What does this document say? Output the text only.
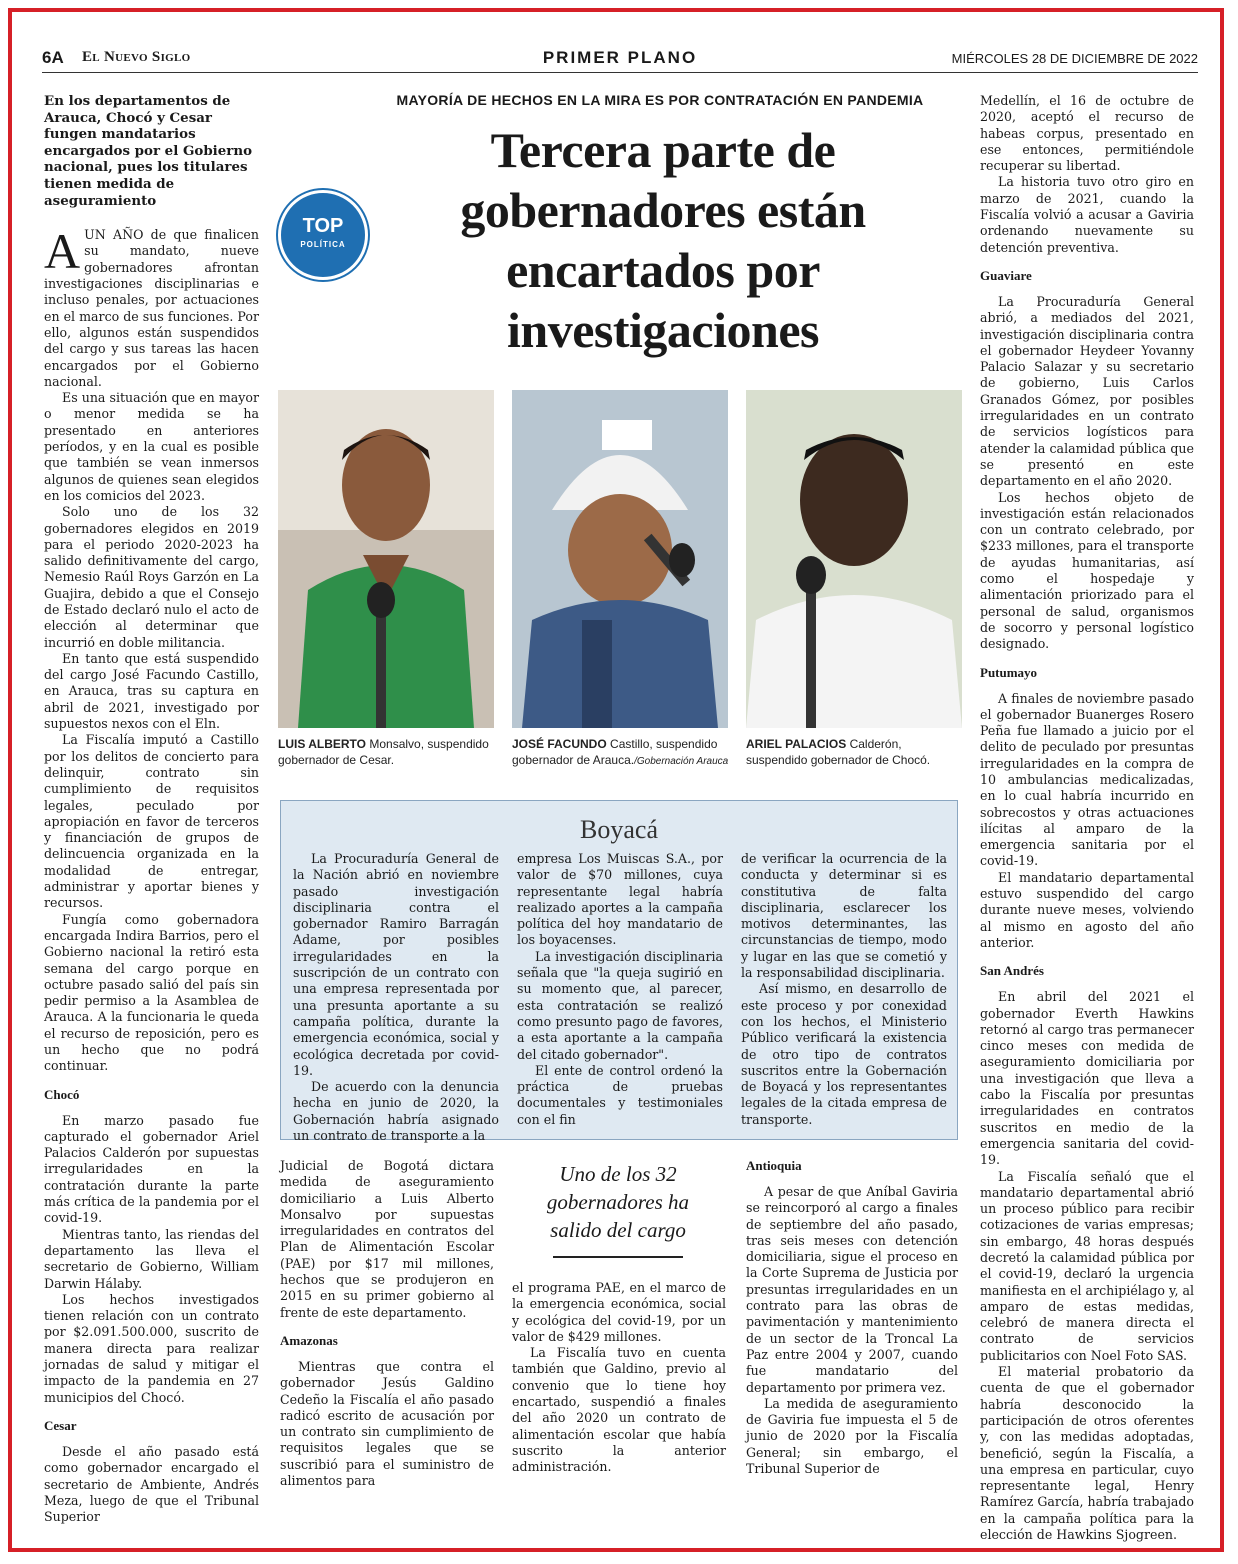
6A El Nuevo Siglo	PRIMER PLANO	MIÉRCOLES 28 DE DICIEMBRE DE 2022
En los departamentos de Arauca, Chocó y Cesar fungen mandatarios encargados por el Gobierno nacional, pues los titulares tienen medida de aseguramiento

AUN AÑO de que finalicen su mandato, nueve gobernadores afrontan investigaciones disciplinarias e incluso penales, por actuaciones en el marco de sus funciones. Por ello, algunos están suspendidos del cargo y sus tareas las hacen encargados por el Gobierno nacional.

Es una situación que en mayor o menor medida se ha presentado en anteriores períodos, y en la cual es posible que también se vean inmersos algunos de quienes sean elegidos en los comicios del 2023.

Solo uno de los 32 gobernadores elegidos en 2019 para el periodo 2020-2023 ha salido definitivamente del cargo, Nemesio Raúl Roys Garzón en La Guajira, debido a que el Consejo de Estado declaró nulo el acto de elección al determinar que incurrió en doble militancia.

En tanto que está suspendido del cargo José Facundo Castillo, en Arauca, tras su captura en abril de 2021, investigado por supuestos nexos con el Eln.

La Fiscalía imputó a Castillo por los delitos de concierto para delinquir, contrato sin cumplimiento de requisitos legales, peculado por apropiación en favor de terceros y financiación de grupos de delincuencia organizada en la modalidad de entregar, administrar y aportar bienes y recursos.

Fungía como gobernadora encargada Indira Barrios, pero el Gobierno nacional la retiró esta semana del cargo porque en octubre pasado salió del país sin pedir permiso a la Asamblea de Arauca. A la funcionaria le queda el recurso de reposición, pero es un hecho que no podrá continuar.

Chocó

En marzo pasado fue capturado el gobernador Ariel Palacios Calderón por supuestas irregularidades en la contratación durante la parte más crítica de la pandemia por el covid-19.

Mientras tanto, las riendas del departamento las lleva el secretario de Gobierno, William Darwin Hálaby.

Los hechos investigados tienen relación con un contrato por $2.091.500.000, suscrito de manera directa para realizar jornadas de salud y mitigar el impacto de la pandemia en 27 municipios del Chocó.

Cesar

Desde el año pasado está como gobernador encargado el secretario de Ambiente, Andrés Meza, luego de que el Tribunal Superior

MAYORÍA DE HECHOS EN LA MIRA ES POR CONTRATACIÓN EN PANDEMIA
Tercera parte de gobernadores están encartados por investigaciones
TOP
POLÍTICA
LUIS ALBERTO Monsalvo, suspendido gobernador de Cesar.
JOSÉ FACUNDO Castillo, suspendido gobernador de Arauca./Gobernación Arauca
ARIEL PALACIOS Calderón, suspendido gobernador de Chocó.
Boyacá

La Procuraduría General de la Nación abrió en noviembre pasado investigación disciplinaria contra el gobernador Ramiro Barragán Adame, por posibles irregularidades en la suscripción de un contrato con una empresa representada por una presunta aportante a su campaña política, durante la emergencia económica, social y ecológica decretada por covid-19.

De acuerdo con la denuncia hecha en junio de 2020, la Gobernación habría asignado un contrato de transporte a la

empresa Los Muiscas S.A., por valor de $70 millones, cuya representante legal habría realizado aportes a la campaña política del hoy mandatario de los boyacenses.

La investigación disciplinaria señala que "la queja sugirió en su momento que, al parecer, esta contratación se realizó como presunto pago de favores, a esta aportante a la campaña del citado gobernador".

El ente de control ordenó la práctica de pruebas documentales y testimoniales con el fin

de verificar la ocurrencia de la conducta y determinar si es constitutiva de falta disciplinaria, esclarecer los motivos determinantes, las circunstancias de tiempo, modo y lugar en las que se cometió y la responsabilidad disciplinaria.

Así mismo, en desarrollo de este proceso y por conexidad con los hechos, el Ministerio Público verificará la existencia de otro tipo de contratos suscritos entre la Gobernación de Boyacá y los representantes legales de la citada empresa de transporte.

Judicial de Bogotá dictara medida de aseguramiento domiciliario a Luis Alberto Monsalvo por supuestas irregularidades en contratos del Plan de Alimentación Escolar (PAE) por $17 mil millones, hechos que se produjeron en 2015 en su primer gobierno al frente de este departamento.

Amazonas

Mientras que contra el gobernador Jesús Galdino Cedeño la Fiscalía el año pasado radicó escrito de acusación por un contrato sin cumplimiento de requisitos legales que se suscribió para el suministro de alimentos para

Uno de los 32 gobernadores ha salido del cargo

el programa PAE, en el marco de la emergencia económica, social y ecológica del covid-19, por un valor de $429 millones.

La Fiscalía tuvo en cuenta también que Galdino, previo al convenio que lo tiene hoy encartado, suspendió a finales del año 2020 un contrato de alimentación escolar que había suscrito la anterior administración.

Antioquia

A pesar de que Aníbal Gaviria se reincorporó al cargo a finales de septiembre del año pasado, tras seis meses con detención domiciliaria, sigue el proceso en la Corte Suprema de Justicia por presuntas irregularidades en un contrato para las obras de pavimentación y mantenimiento de un sector de la Troncal La Paz entre 2004 y 2007, cuando fue mandatario del departamento por primera vez.

La medida de aseguramiento de Gaviria fue impuesta el 5 de junio de 2020 por la Fiscalía General; sin embargo, el Tribunal Superior de

Medellín, el 16 de octubre de 2020, aceptó el recurso de habeas corpus, presentado en ese entonces, permitiéndole recuperar su libertad.

La historia tuvo otro giro en marzo de 2021, cuando la Fiscalía volvió a acusar a Gaviria ordenando nuevamente su detención preventiva.

Guaviare

La Procuraduría General abrió, a mediados del 2021, investigación disciplinaria contra el gobernador Heydeer Yovanny Palacio Salazar y su secretario de gobierno, Luis Carlos Granados Gómez, por posibles irregularidades en un contrato de servicios logísticos para atender la calamidad pública que se presentó en este departamento en el año 2020.

Los hechos objeto de investigación están relacionados con un contrato celebrado, por $233 millones, para el transporte de ayudas humanitarias, así como el hospedaje y alimentación priorizado para el personal de salud, organismos de socorro y personal logístico designado.

Putumayo

A finales de noviembre pasado el gobernador Buanerges Rosero Peña fue llamado a juicio por el delito de peculado por presuntas irregularidades en la compra de 10 ambulancias medicalizadas, en lo cual habría incurrido en sobrecostos y otras actuaciones ilícitas al amparo de la emergencia sanitaria por el covid-19.

El mandatario departamental estuvo suspendido del cargo durante nueve meses, volviendo al mismo en agosto del año anterior.

San Andrés

En abril del 2021 el gobernador Everth Hawkins retornó al cargo tras permanecer cinco meses con medida de aseguramiento domiciliaria por una investigación que lleva a cabo la Fiscalía por presuntas irregularidades en contratos suscritos en medio de la emergencia sanitaria del covid-19.

La Fiscalía señaló que el mandatario departamental abrió un proceso público para recibir cotizaciones de varias empresas; sin embargo, 48 horas después decretó la calamidad pública por el covid-19, declaró la urgencia manifiesta en el archipiélago y, al amparo de estas medidas, celebró de manera directa el contrato de servicios publicitarios con Noel Foto SAS.

El material probatorio da cuenta de que el gobernador habría desconocido la participación de otros oferentes y, con las medidas adoptadas, benefició, según la Fiscalía, a una empresa en particular, cuyo representante legal, Henry Ramírez García, habría trabajado en la campaña política para la elección de Hawkins Sjogreen.
